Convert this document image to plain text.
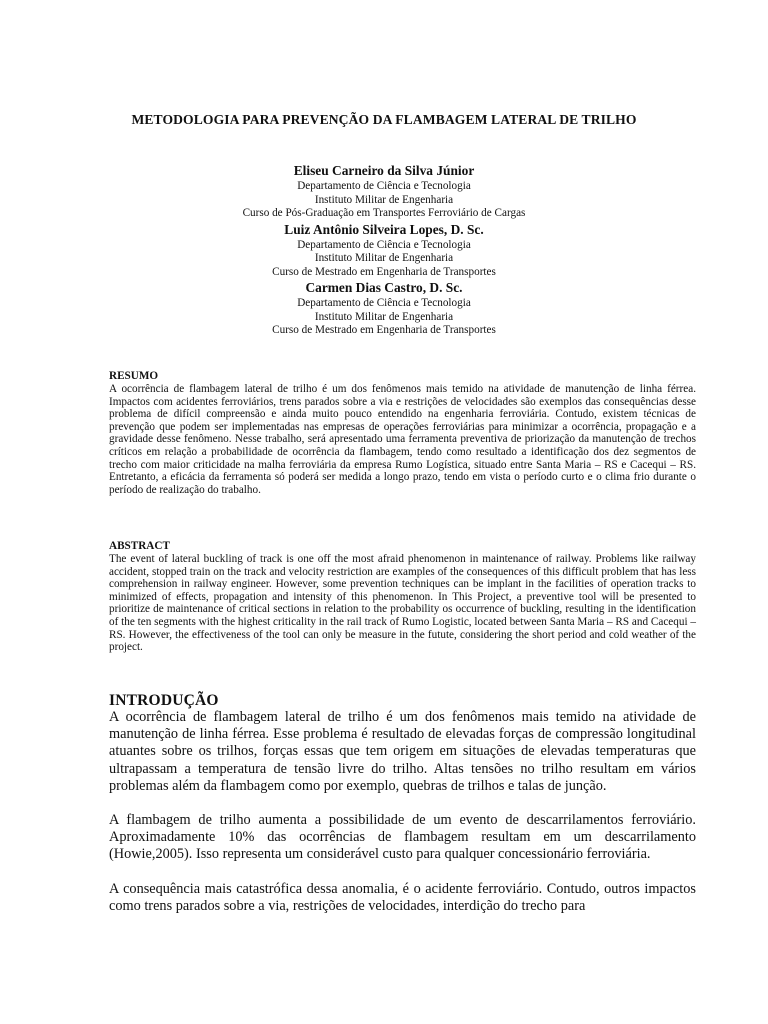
METODOLOGIA PARA PREVENÇÃO DA FLAMBAGEM LATERAL DE TRILHO
Eliseu Carneiro da Silva Júnior
Departamento de Ciência e Tecnologia
Instituto Militar de Engenharia
Curso de Pós-Graduação em Transportes Ferroviário de Cargas
Luiz Antônio Silveira Lopes, D. Sc.
Departamento de Ciência e Tecnologia
Instituto Militar de Engenharia
Curso de Mestrado em Engenharia de Transportes
Carmen Dias Castro, D. Sc.
Departamento de Ciência e Tecnologia
Instituto Militar de Engenharia
Curso de Mestrado em Engenharia de Transportes
RESUMO
A ocorrência de flambagem lateral de trilho é um dos fenômenos mais temido na atividade de manutenção de linha férrea. Impactos com acidentes ferroviários, trens parados sobre a via e restrições de velocidades são exemplos das consequências desse problema de difícil compreensão e ainda muito pouco entendido na engenharia ferroviária. Contudo, existem técnicas de prevenção que podem ser implementadas nas empresas de operações ferroviárias para minimizar a ocorrência, propagação e a gravidade desse fenômeno. Nesse trabalho, será apresentado uma ferramenta preventiva de priorização da manutenção de trechos críticos em relação a probabilidade de ocorrência da flambagem, tendo como resultado a identificação dos dez segmentos de trecho com maior criticidade na malha ferroviária da empresa Rumo Logística, situado entre Santa Maria – RS e Cacequi – RS. Entretanto, a eficácia da ferramenta só poderá ser medida a longo prazo, tendo em vista o período curto e o clima frio durante o período de realização do trabalho.
ABSTRACT
The event of lateral buckling of track is one off the most afraid phenomenon in maintenance of railway. Problems like railway accident, stopped train on the track and velocity restriction are examples of the consequences of this difficult problem that has less comprehension in railway engineer. However, some prevention techniques can be implant in the facilities of operation tracks to minimized of effects, propagation and intensity of this phenomenon. In This Project, a preventive tool will be presented to prioritize de maintenance of critical sections in relation to the probability os occurrence of buckling, resulting in the identification of the ten segments with the highest criticality in the rail track of Rumo Logistic, located between Santa Maria – RS and Cacequi – RS. However, the effectiveness of the tool can only be measure in the futute, considering the short period and cold weather of the project.
INTRODUÇÃO

A ocorrência de flambagem lateral de trilho é um dos fenômenos mais temido na atividade de manutenção de linha férrea. Esse problema é resultado de elevadas forças de compressão longitudinal atuantes sobre os trilhos, forças essas que tem origem em situações de elevadas temperaturas que ultrapassam a temperatura de tensão livre do trilho. Altas tensões no trilho resultam em vários problemas além da flambagem como por exemplo, quebras de trilhos e talas de junção.

A flambagem de trilho aumenta a possibilidade de um evento de descarrilamentos ferroviário. Aproximadamente 10% das ocorrências de flambagem resultam em um descarrilamento (Howie,2005). Isso representa um considerável custo para qualquer concessionário ferroviária.

A consequência mais catastrófica dessa anomalia, é o acidente ferroviário. Contudo, outros impactos como trens parados sobre a via, restrições de velocidades, interdição do trecho para
